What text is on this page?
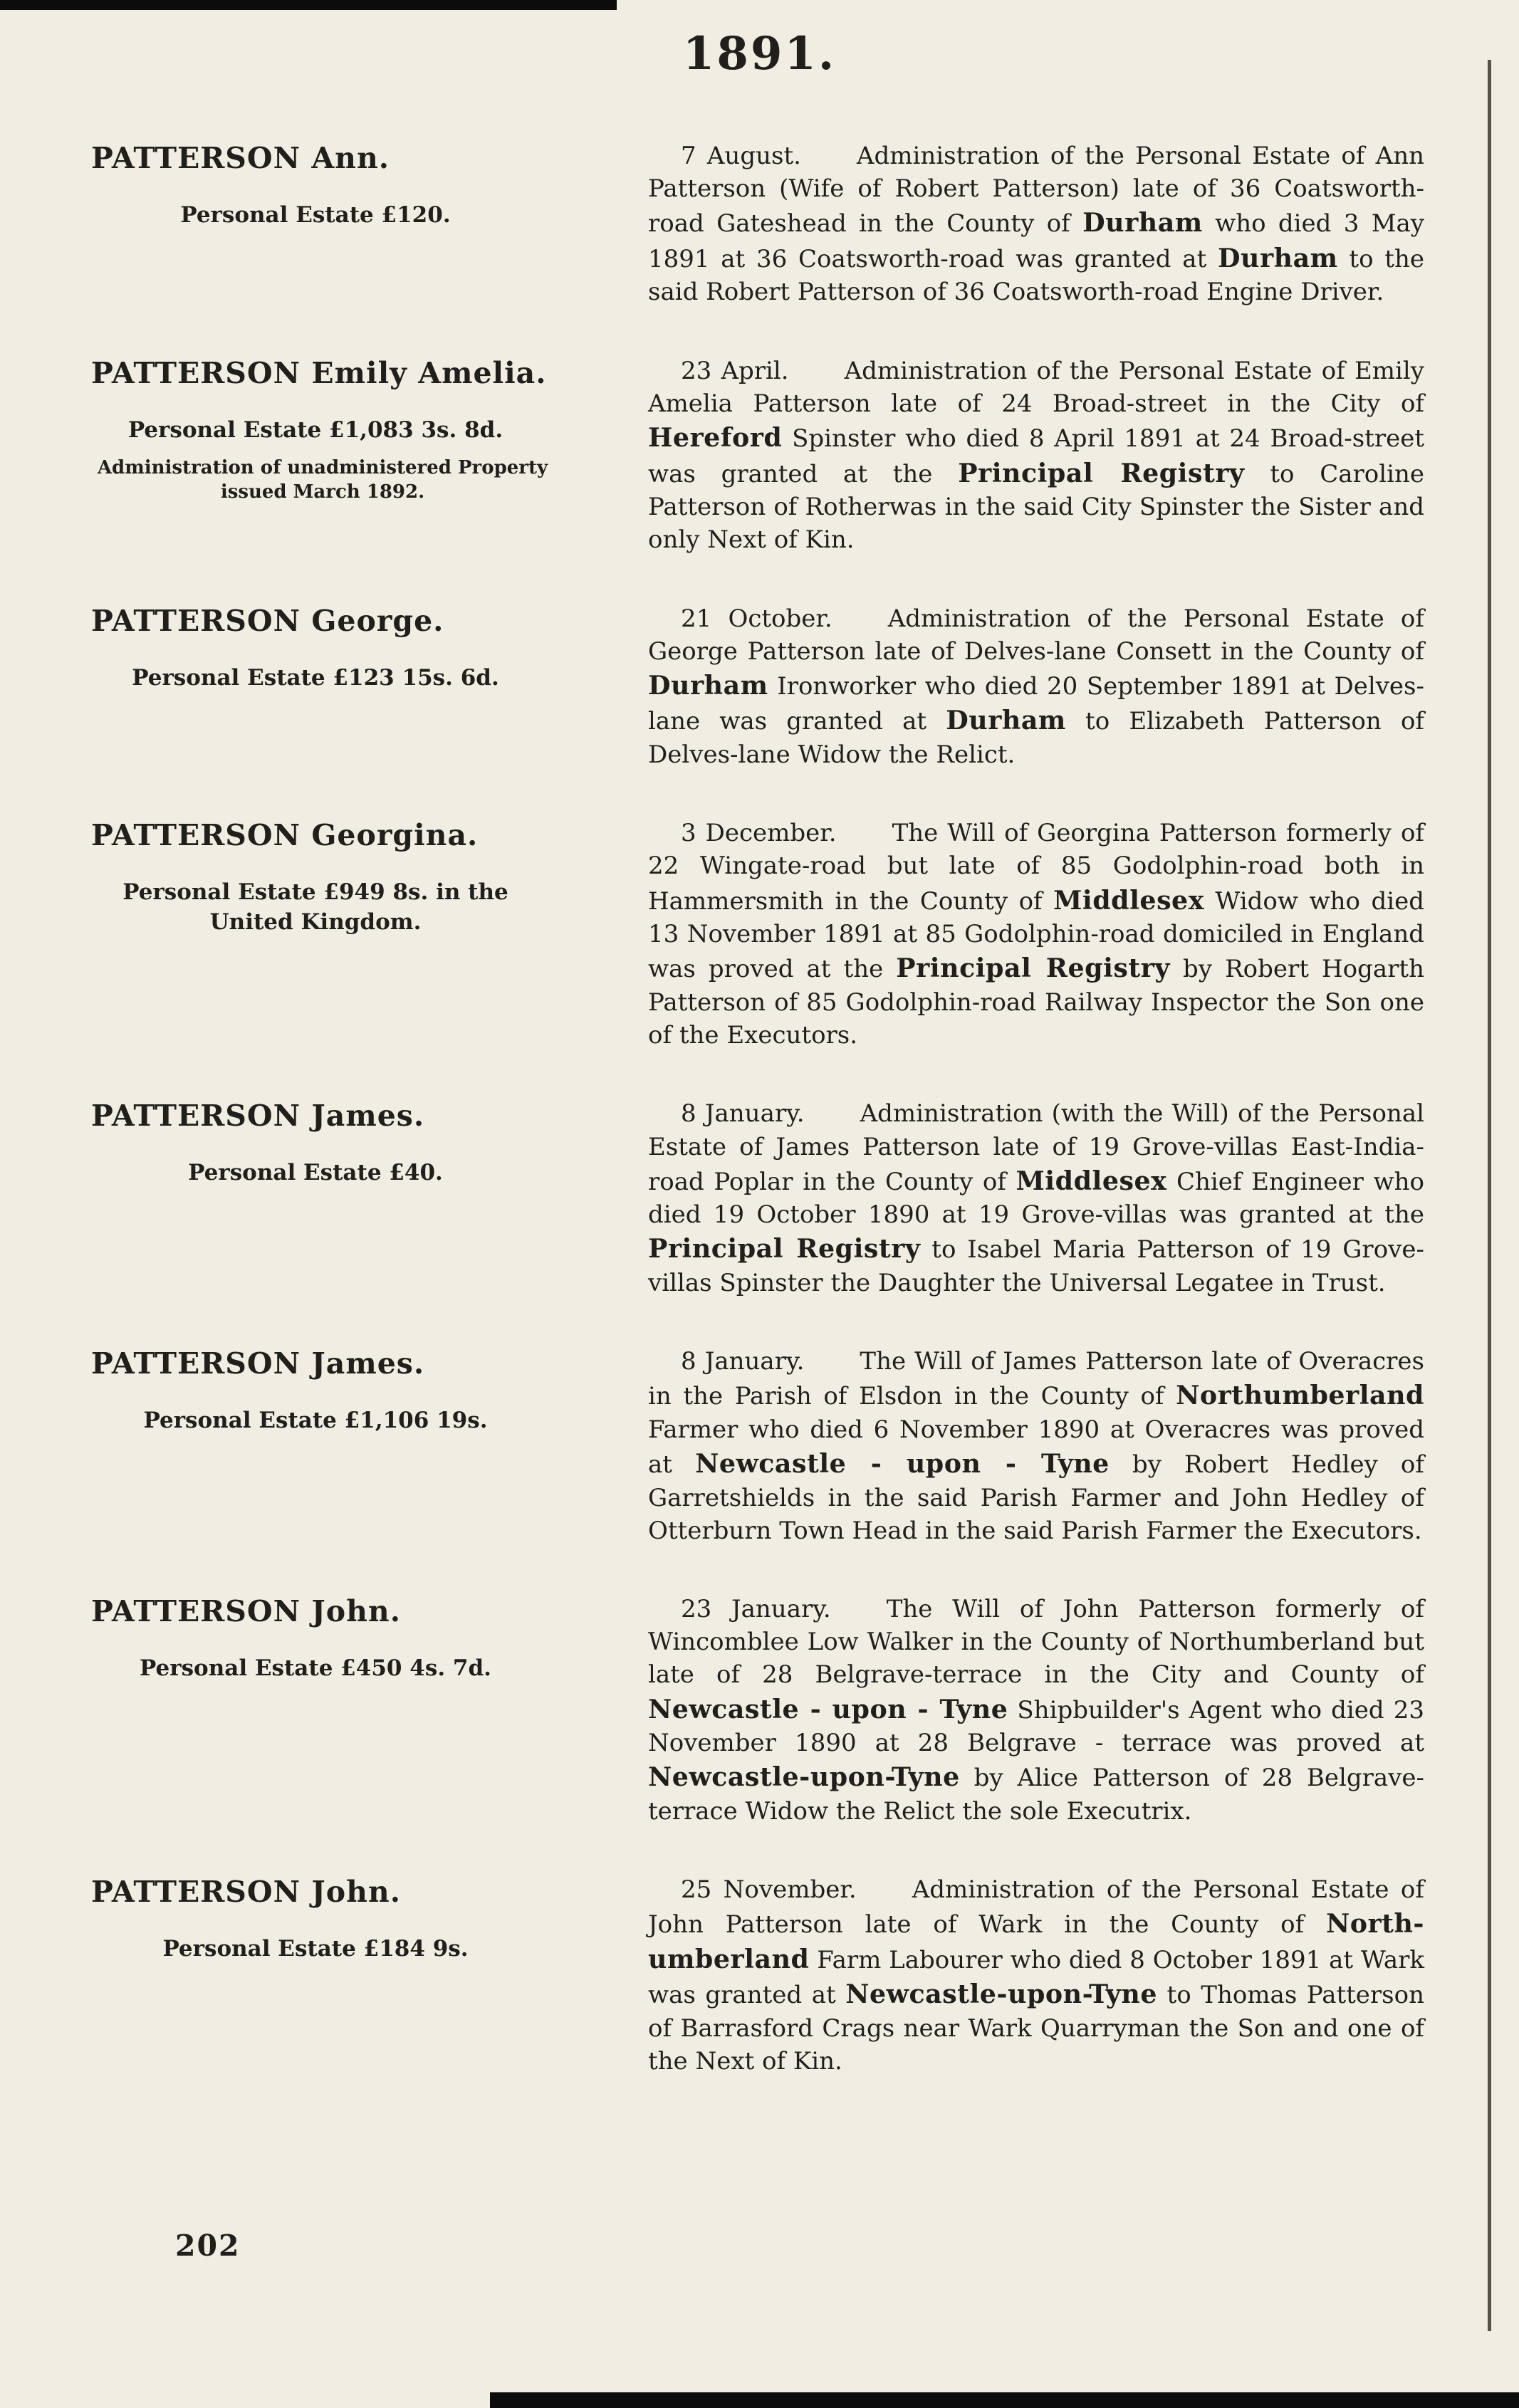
1891.
PATTERSON Ann.
Personal Estate £120.
7 August. Administration of the Personal Estate of Ann Patterson (Wife of Robert Patterson) late of 36 Coatsworth-road Gateshead in the County of Durham who died 3 May 1891 at 36 Coatsworth-road was granted at Durham to the said Robert Patterson of 36 Coatsworth-road Engine Driver.
PATTERSON Emily Amelia.
Personal Estate £1,083 3s. 8d.
Administration of unadministered Property
issued March 1892.
23 April. Administration of the Personal Estate of Emily Amelia Patterson late of 24 Broad-street in the City of Hereford Spinster who died 8 April 1891 at 24 Broad-street was granted at the Principal Registry to Caroline Patterson of Rotherwas in the said City Spinster the Sister and only Next of Kin.
PATTERSON George.
Personal Estate £123 15s. 6d.
21 October. Administration of the Personal Estate of George Patterson late of Delves-lane Consett in the County of Durham Ironworker who died 20 September 1891 at Delves-lane was granted at Durham to Elizabeth Patterson of Delves-lane Widow the Relict.
PATTERSON Georgina.
Personal Estate £949 8s. in the
United Kingdom.
3 December. The Will of Georgina Patterson formerly of 22 Wingate-road but late of 85 Godolphin-road both in Hammersmith in the County of Middlesex Widow who died 13 November 1891 at 85 Godolphin-road domiciled in England was proved at the Principal Registry by Robert Hogarth Patterson of 85 Godolphin-road Railway Inspector the Son one of the Executors.
PATTERSON James.
Personal Estate £40.
8 January. Administration (with the Will) of the Personal Estate of James Patterson late of 19 Grove-villas East-India-road Poplar in the County of Middlesex Chief Engineer who died 19 October 1890 at 19 Grove-villas was granted at the Principal Registry to Isabel Maria Patterson of 19 Grove-villas Spinster the Daughter the Universal Legatee in Trust.
PATTERSON James.
Personal Estate £1,106 19s.
8 January. The Will of James Patterson late of Overacres in the Parish of Elsdon in the County of Northumberland Farmer who died 6 November 1890 at Overacres was proved at Newcastle - upon - Tyne by Robert Hedley of Garretshields in the said Parish Farmer and John Hedley of Otterburn Town Head in the said Parish Farmer the Executors.
PATTERSON John.
Personal Estate £450 4s. 7d.
23 January. The Will of John Patterson formerly of Wincomblee Low Walker in the County of Northumberland but late of 28 Belgrave-terrace in the City and County of Newcastle - upon - Tyne Shipbuilder's Agent who died 23 November 1890 at 28 Belgrave - terrace was proved at Newcastle-upon-Tyne by Alice Patterson of 28 Belgrave-terrace Widow the Relict the sole Executrix.
PATTERSON John.
Personal Estate £184 9s.
25 November. Administration of the Personal Estate of John Patterson late of Wark in the County of North-umberland Farm Labourer who died 8 October 1891 at Wark was granted at Newcastle-upon-Tyne to Thomas Patterson of Barrasford Crags near Wark Quarryman the Son and one of the Next of Kin.
202
